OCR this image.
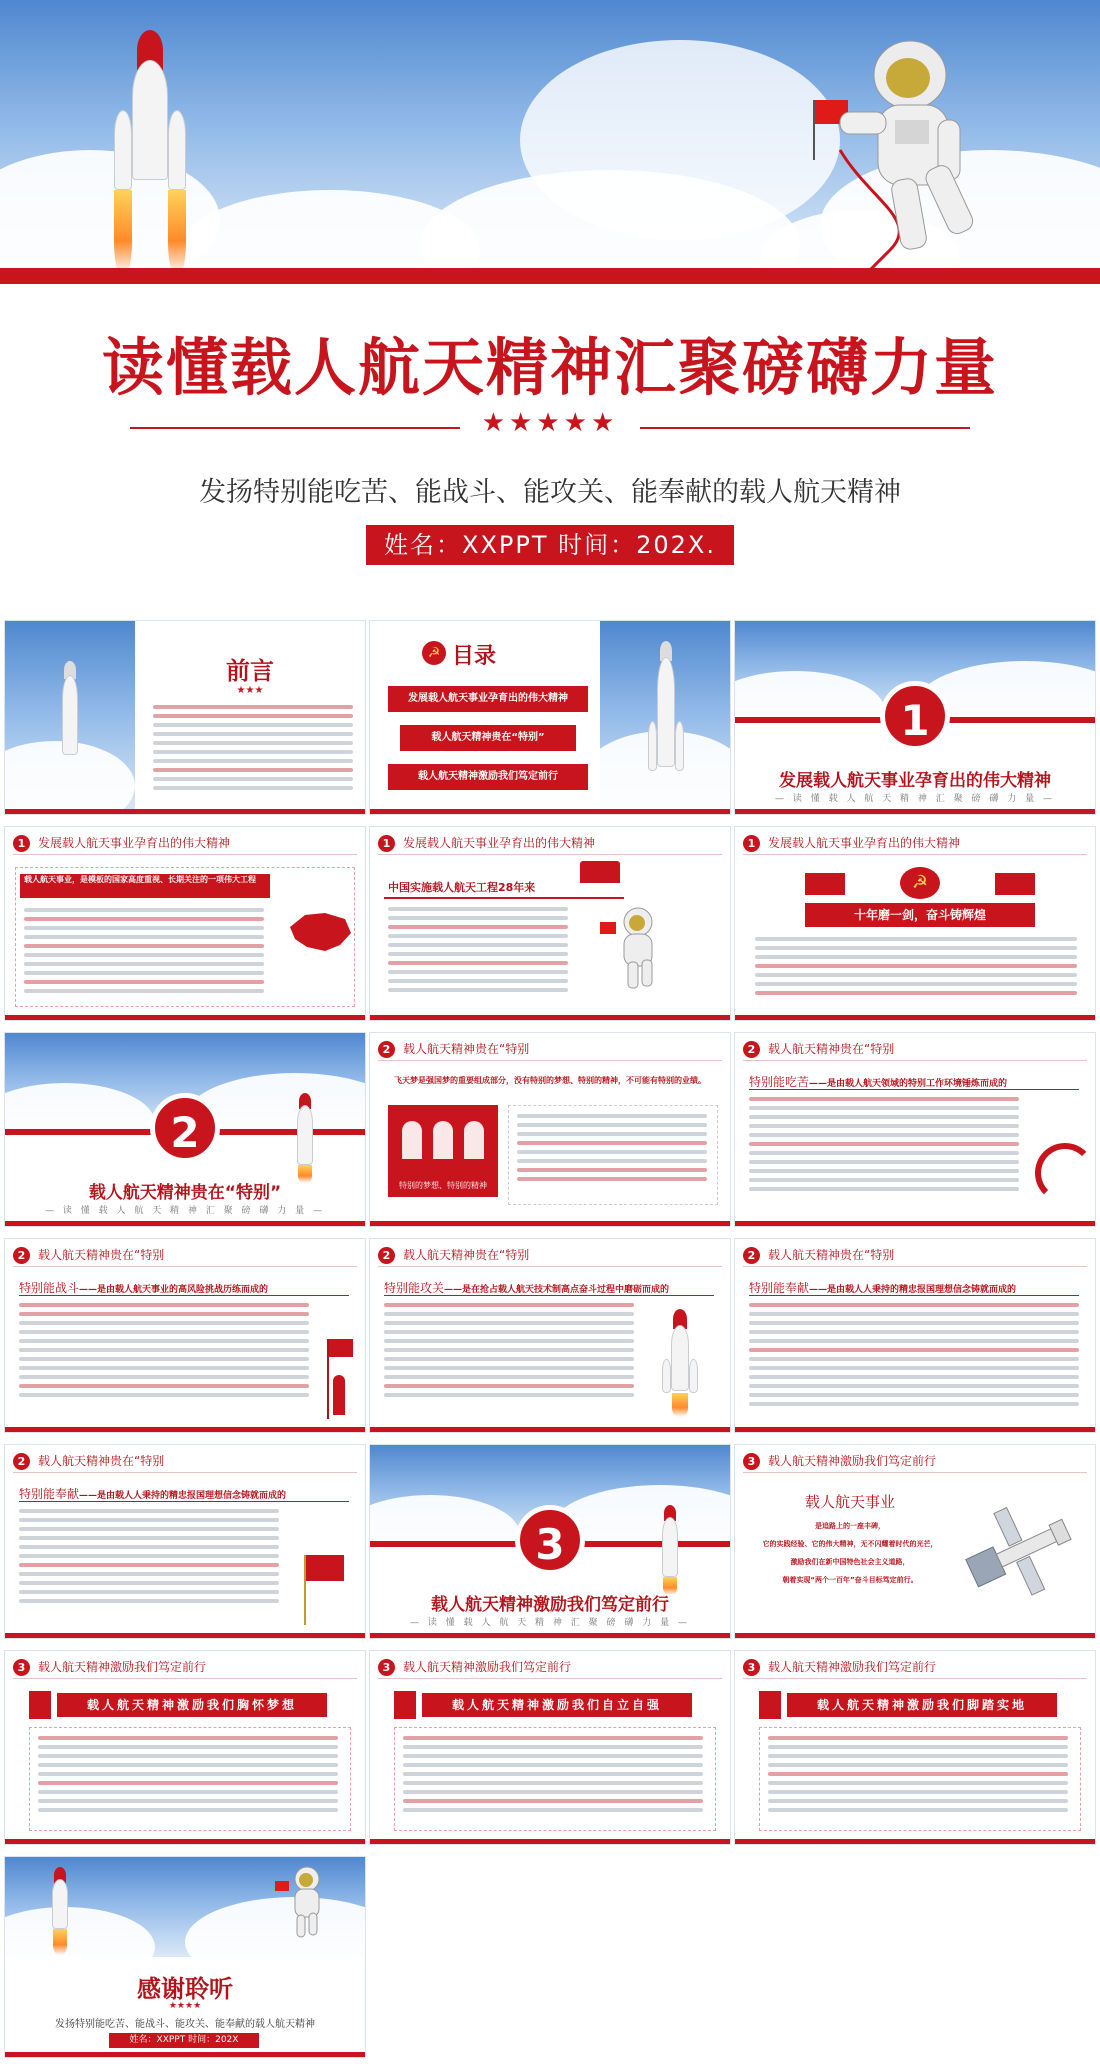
读懂载人航天精神汇聚磅礴力量
★★★★★
发扬特别能吃苦、能战斗、能攻关、能奉献的载人航天精神
姓名：XXPPT 时间：202X.
前言
★★★
☭ 目录
发展载人航天事业孕育出的伟大精神
载人航天精神贵在“特别”
载人航天精神激励我们笃定前行
1
发展载人航天事业孕育出的伟大精神
— 读 懂 载 人 航 天 精 神 汇 聚 磅 礴 力 量 —
1	发展载人航天事业孕育出的伟大精神
载人航天事业，是模板的国家高度重视、长期关注的一项伟大工程
1	发展载人航天事业孕育出的伟大精神
中国实施载人航天工程28年来
1	发展载人航天事业孕育出的伟大精神
☭
十年磨一剑，奋斗铸辉煌
2
载人航天精神贵在“特别”
— 读 懂 载 人 航 天 精 神 汇 聚 磅 礴 力 量 —
2	载人航天精神贵在“特别
飞天梦是强国梦的重要组成部分，没有特别的梦想、特别的精神，不可能有特别的业绩。
特别的梦想、特别的精神
2	载人航天精神贵在“特别
特别能吃苦——是由载人航天领域的特别工作环境锤炼而成的
2	载人航天精神贵在“特别
特别能战斗——是由载人航天事业的高风险挑战历练而成的
2	载人航天精神贵在“特别
特别能攻关——是在抢占载人航天技术制高点奋斗过程中磨砺而成的
2	载人航天精神贵在“特别
特别能奉献——是由载人人秉持的精忠报国理想信念铸就而成的
2	载人航天精神贵在“特别
特别能奉献——是由载人人秉持的精忠报国理想信念铸就而成的
3
载人航天精神激励我们笃定前行
— 读 懂 载 人 航 天 精 神 汇 聚 磅 礴 力 量 —
3	载人航天精神激励我们笃定前行
载人航天事业
是追路上的一座丰碑，
它的实践经验、它的伟大精神，无不闪耀着时代的光芒，
激励我们在新中国特色社会主义道路，
朝着实现“两个一百年”奋斗目标笃定前行。
3	载人航天精神激励我们笃定前行
载人航天精神激励我们胸怀梦想
3	载人航天精神激励我们笃定前行
载人航天精神激励我们自立自强
3	载人航天精神激励我们笃定前行
载人航天精神激励我们脚踏实地
感谢聆听
★★★★
发扬特别能吃苦、能战斗、能攻关、能奉献的载人航天精神
姓名：XXPPT 时间：202X
